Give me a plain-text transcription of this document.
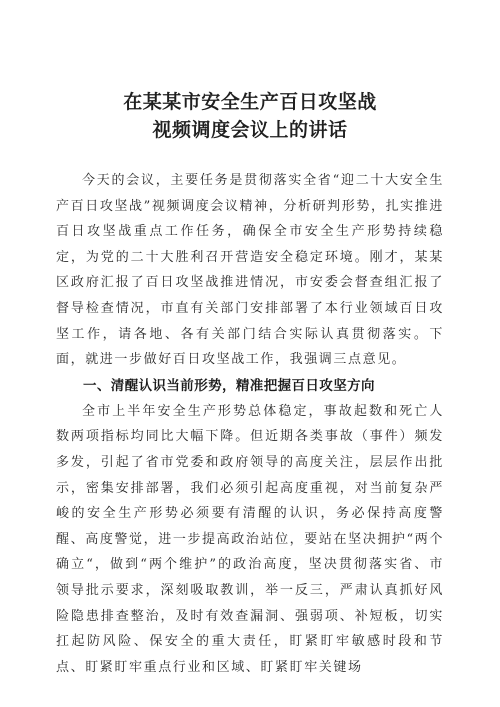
在某某市安全生产百日攻坚战
视频调度会议上的讲话

今天的会议，主要任务是贯彻落实全省“迎二十大安全生产百日攻坚战”视频调度会议精神，分析研判形势，扎实推进百日攻坚战重点工作任务，确保全市安全生产形势持续稳定，为党的二十大胜利召开营造安全稳定环境。刚才，某某区政府汇报了百日攻坚战推进情况，市安委会督查组汇报了督导检查情况，市直有关部门安排部署了本行业领域百日攻坚工作，请各地、各有关部门结合实际认真贯彻落实。下面，就进一步做好百日攻坚战工作，我强调三点意见。

一、清醒认识当前形势，精准把握百日攻坚方向

全市上半年安全生产形势总体稳定，事故起数和死亡人数两项指标均同比大幅下降。但近期各类事故（事件）频发多发，引起了省市党委和政府领导的高度关注，层层作出批示，密集安排部署，我们必须引起高度重视，对当前复杂严峻的安全生产形势必须要有清醒的认识，务必保持高度警醒、高度警觉，进一步提高政治站位，要站在坚决拥护“两个确立“，做到“两个维护”的政治高度，坚决贯彻落实省、市领导批示要求，深刻吸取教训，举一反三，严肃认真抓好风险隐患排查整治，及时有效查漏洞、强弱项、补短板，切实扛起防风险、保安全的重大责任，盯紧盯牢敏感时段和节点、盯紧盯牢重点行业和区域、盯紧盯牢关键场
